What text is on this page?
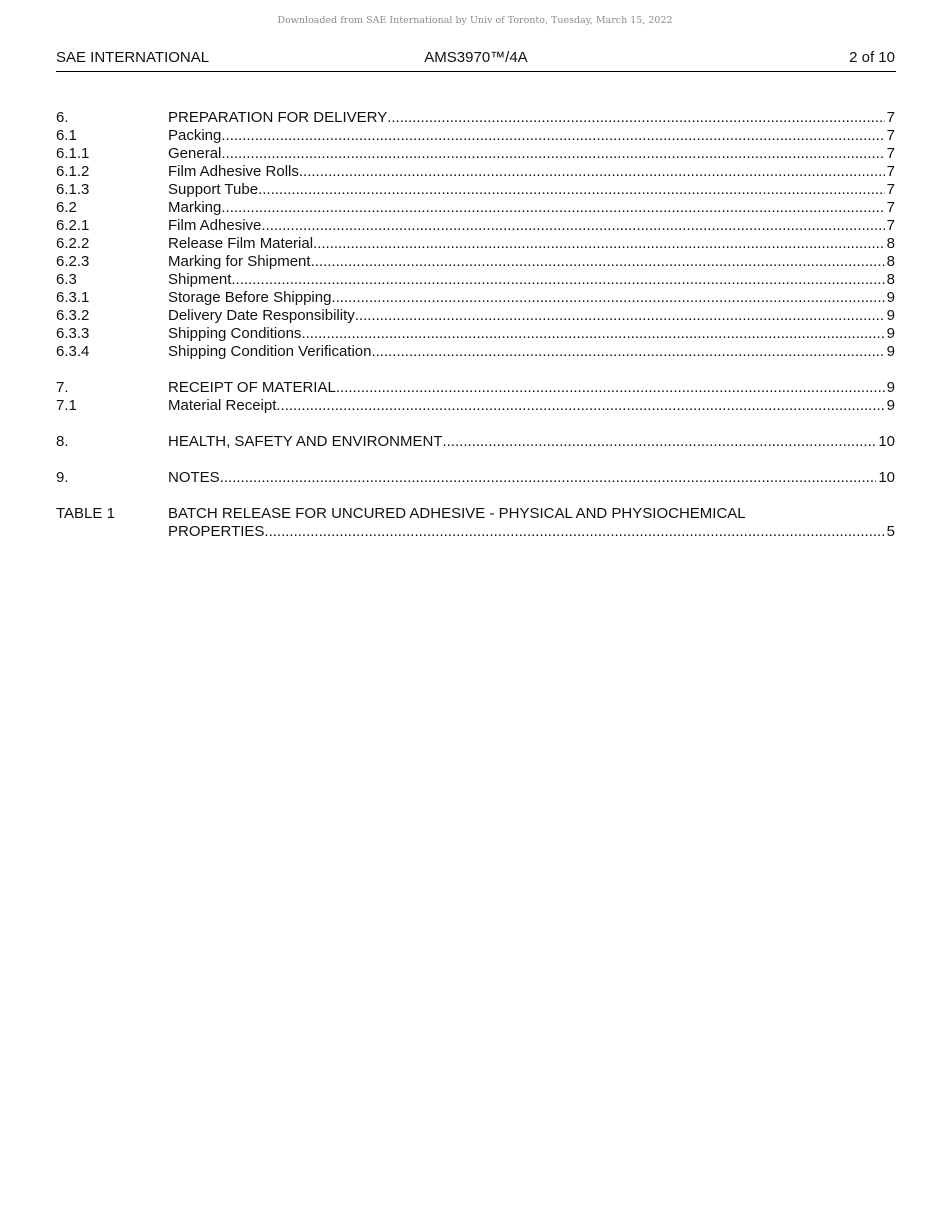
Downloaded from SAE International by Univ of Toronto, Tuesday, March 15, 2022
SAE INTERNATIONAL	AMS3970™/4A	2 of 10
6.	PREPARATION FOR DELIVERY .....	7
6.1	Packing .....	7
6.1.1	General .....	7
6.1.2	Film Adhesive Rolls .....	7
6.1.3	Support Tube .....	7
6.2	Marking .....	7
6.2.1	Film Adhesive .....	7
6.2.2	Release Film Material .....	8
6.2.3	Marking for Shipment .....	8
6.3	Shipment .....	8
6.3.1	Storage Before Shipping .....	9
6.3.2	Delivery Date Responsibility .....	9
6.3.3	Shipping Conditions .....	9
6.3.4	Shipping Condition Verification .....	9
7.	RECEIPT OF MATERIAL .....	9
7.1	Material Receipt .....	9
8.	HEALTH, SAFETY AND ENVIRONMENT .....	10
9.	NOTES .....	10
TABLE 1	BATCH RELEASE FOR UNCURED ADHESIVE - PHYSICAL AND PHYSIOCHEMICAL
PROPERTIES .....	5
